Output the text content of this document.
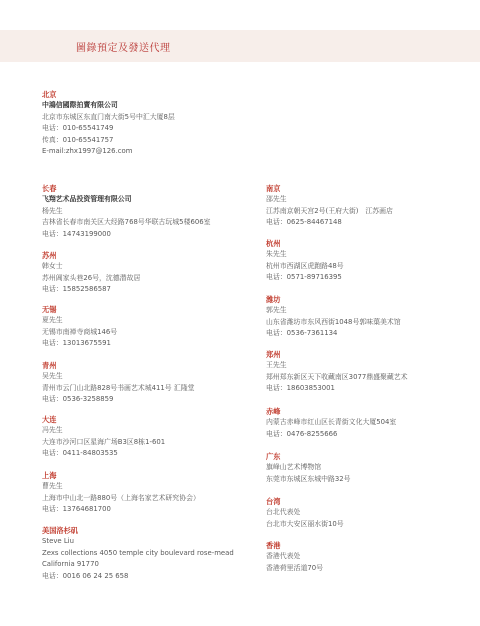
圖錄預定及發送代理
北京
中鴻信國際拍賣有限公司
北京市东城区东直门南大街5号中汇大厦8层
电话：010-65541749
传真：010-65541757
E-mail:zhx1997@126.com
长春
飞翔艺术品投资管理有限公司
杨先生
吉林省长春市南关区大经路768号华联古玩城5楼606室
电话：14743199000
苏州
韩女士
苏州阊家头巷26号，沈德潜故居
电话：15852586587
无锡
夏先生
无锡市南禅寺商城146号
电话：13013675591
青州
吴先生
青州市云门山北路828号书画艺术城411号 汇隆堂
电话：0536-3258859
大连
冯先生
大连市沙河口区星海广场B3区8栋1-601
电话：0411-84803535
上海
曹先生
上海市中山北一路880号（上海名家艺术研究协会）
电话：13764681700
美国洛杉矶
Steve Liu
Zexs collections 4050 temple city boulevard rose-mead California 91770
电话：0016 06 24 25 658
南京
邵先生
江苏南京朝天宫2号(王府大街)　江苏画店
电话：0625-84467148
杭州
朱先生
杭州市西湖区虎跑路48号
电话：0571-89716395
潍坊
郭先生
山东省潍坊市东风西街1048号郭味蕖美术馆
电话：0536-7361134
郑州
王先生
郑州郑东新区天下收藏南区3077鼎盛聚藏艺术
电话：18603853001
赤峰
内蒙古赤峰市红山区长青街文化大厦504室
电话：0476-8255666
广东
旗峰山艺术博物馆
东莞市东城区东城中路32号
台湾
台北代表处
台北市大安区丽水街10号
香港
香港代表处
香港荷里活道70号
